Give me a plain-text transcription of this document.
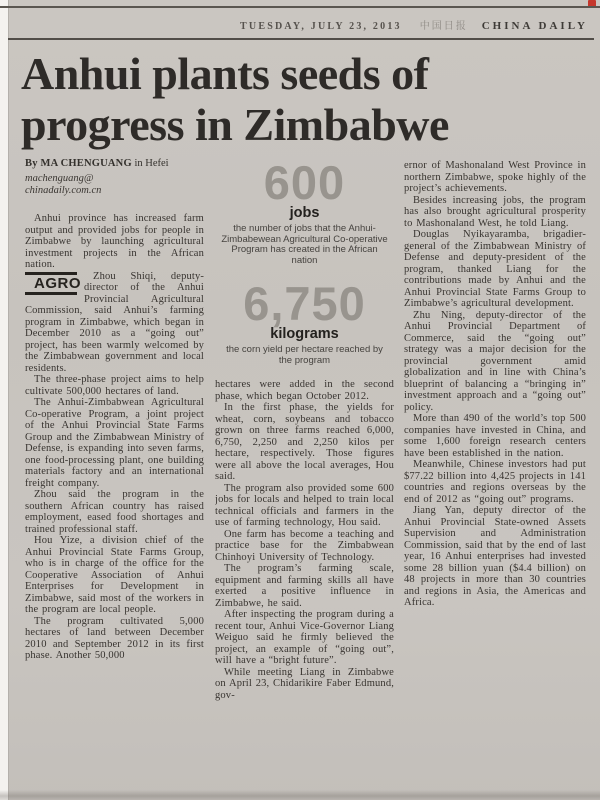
TUESDAY, JULY 23, 2013 中国日报 CHINA DAILY
Anhui plants seeds of
progress in Zimbabwe
By MA CHENGUANG in Hefei
machenguang@
chinadaily.com.cn

Anhui province has increased farm output and provided jobs for people in Zimbabwe by launching agricultural investment projects in the African nation.

Zhou Shiqi, deputy-
AGRO director of the Anhui Provincial Agricultural Commission, said Anhui’s farming program in Zimbabwe, which began in December 2010 as a “going out” project, has been warmly welcomed by the Zimbabwean government and local residents.

The three-phase project aims to help cultivate 500,000 hectares of land.

The Anhui-Zimbabwean Agricultural Co-operative Program, a joint project of the Anhui Provincial State Farms Group and the Zimbabwean Ministry of Defense, is expanding into seven farms, one food-processing plant, one building materials factory and an international freight company.

Zhou said the program in the southern African country has raised employment, eased food shortages and trained professional staff.

Hou Yize, a division chief of the Anhui Provincial State Farms Group, who is in charge of the office for the Cooperative Association of Anhui Enterprises for Development in Zimbabwe, said most of the workers in the program are local people.

The program cultivated 5,000 hectares of land between December 2010 and September 2012 in its first phase. Another 50,000

600
jobs
the number of jobs that the Anhui-Zimbabewean Agricultural Co-operative Program has created in the African nation
6,750
kilograms
the corn yield per hectare reached by the program

hectares were added in the second phase, which began October 2012.

In the first phase, the yields for wheat, corn, soybeans and tobacco grown on three farms reached 6,000, 6,750, 2,250 and 2,250 kilos per hectare, respectively. Those figures were all above the local averages, Hou said.

The program also provided some 600 jobs for locals and helped to train local technical officials and farmers in the use of farming technology, Hou said.

One farm has become a teaching and practice base for the Zimbabwean Chinhoyi University of Technology.

The program’s farming scale, equipment and farming skills all have exerted a positive influence in Zimbabwe, he said.

After inspecting the program during a recent tour, Anhui Vice-Governor Liang Weiguo said he firmly believed the project, an example of “going out”, will have a “bright future”.

While meeting Liang in Zimbabwe on April 23, Chidarikire Faber Edmund, gov-

ernor of Mashonaland West Province in northern Zimbabwe, spoke highly of the project’s achievements.

Besides increasing jobs, the program has also brought agricultural prosperity to Mashonaland West, he told Liang.

Douglas Nyikayaramba, brigadier-general of the Zimbabwean Ministry of Defense and deputy-president of the program, thanked Liang for the contributions made by Anhui and the Anhui Provincial State Farms Group to Zimbabwe’s agricultural development.

Zhu Ning, deputy-director of the Anhui Provincial Department of Commerce, said the “going out” strategy was a major decision for the provincial government amid globalization and in line with China’s blueprint of balancing a “bringing in” investment approach and a “going out” policy.

More than 490 of the world’s top 500 companies have invested in China, and some 1,600 foreign research centers have been established in the nation.

Meanwhile, Chinese investors had put $77.22 billion into 4,425 projects in 141 countries and regions overseas by the end of 2012 as “going out” programs.

Jiang Yan, deputy director of the Anhui Provincial State-owned Assets Supervision and Administration Commission, said that by the end of last year, 16 Anhui enterprises had invested some 28 billion yuan ($4.4 billion) on 48 projects in more than 30 countries and regions in Asia, the Americas and Africa.
